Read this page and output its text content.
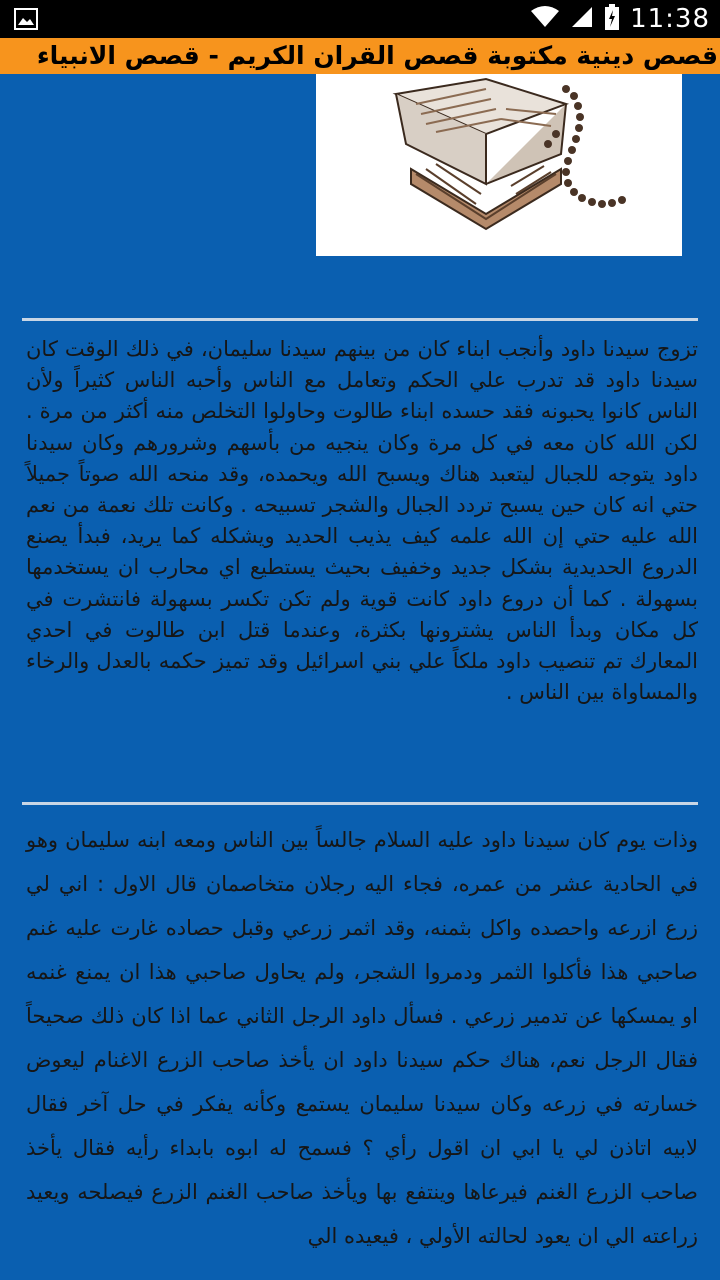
11:38
قصص دينية مكتوبة قصص القران الكريم - قصص الانبياء
تزوج سيدنا داود وأنجب ابناء كان من بينهم سيدنا سليمان، في ذلك الوقت كان سيدنا داود قد تدرب علي الحكم وتعامل مع الناس وأحبه الناس كثيراً ولأن الناس كانوا يحبونه فقد حسده ابناء طالوت وحاولوا التخلص منه أكثر من مرة . لكن الله كان معه في كل مرة وكان ينجيه من بأسهم وشرورهم وكان سيدنا داود يتوجه للجبال ليتعبد هناك ويسبح الله ويحمده، وقد منحه الله صوتاً جميلاً حتي انه كان حين يسبح تردد الجبال والشجر تسبيحه . وكانت تلك نعمة من نعم الله عليه حتي إن الله علمه كيف يذيب الحديد ويشكله كما يريد، فبدأ يصنع الدروع الحديدية بشكل جديد وخفيف بحيث يستطيع اي محارب ان يستخدمها بسهولة . كما أن دروع داود كانت قوية ولم تكن تكسر بسهولة فانتشرت في كل مكان وبدأ الناس يشترونها بكثرة، وعندما قتل ابن طالوت في احدي المعارك تم تنصيب داود ملكاً علي بني اسرائيل وقد تميز حكمه بالعدل والرخاء والمساواة بين الناس .
وذات يوم كان سيدنا داود عليه السلام جالساً بين الناس ومعه ابنه سليمان وهو في الحادية عشر من عمره، فجاء اليه رجلان متخاصمان قال الاول : اني لي زرع ازرعه واحصده واكل بثمنه، وقد اثمر زرعي وقبل حصاده غارت عليه غنم صاحبي هذا فأكلوا الثمر ودمروا الشجر، ولم يحاول صاحبي هذا ان يمنع غنمه او يمسكها عن تدمير زرعي . فسأل داود الرجل الثاني عما اذا كان ذلك صحيحاً فقال الرجل نعم، هناك حكم سيدنا داود ان يأخذ صاحب الزرع الاغنام ليعوض خسارته في زرعه وكان سيدنا سليمان يستمع وكأنه يفكر في حل آخر فقال لابيه اتاذن لي يا ابي ان اقول رأي ؟ فسمح له ابوه بابداء رأيه فقال يأخذ صاحب الزرع الغنم فيرعاها وينتفع بها ويأخذ صاحب الغنم الزرع فيصلحه ويعيد زراعته الي ان يعود لحالته الأولي ، فيعيده الي
